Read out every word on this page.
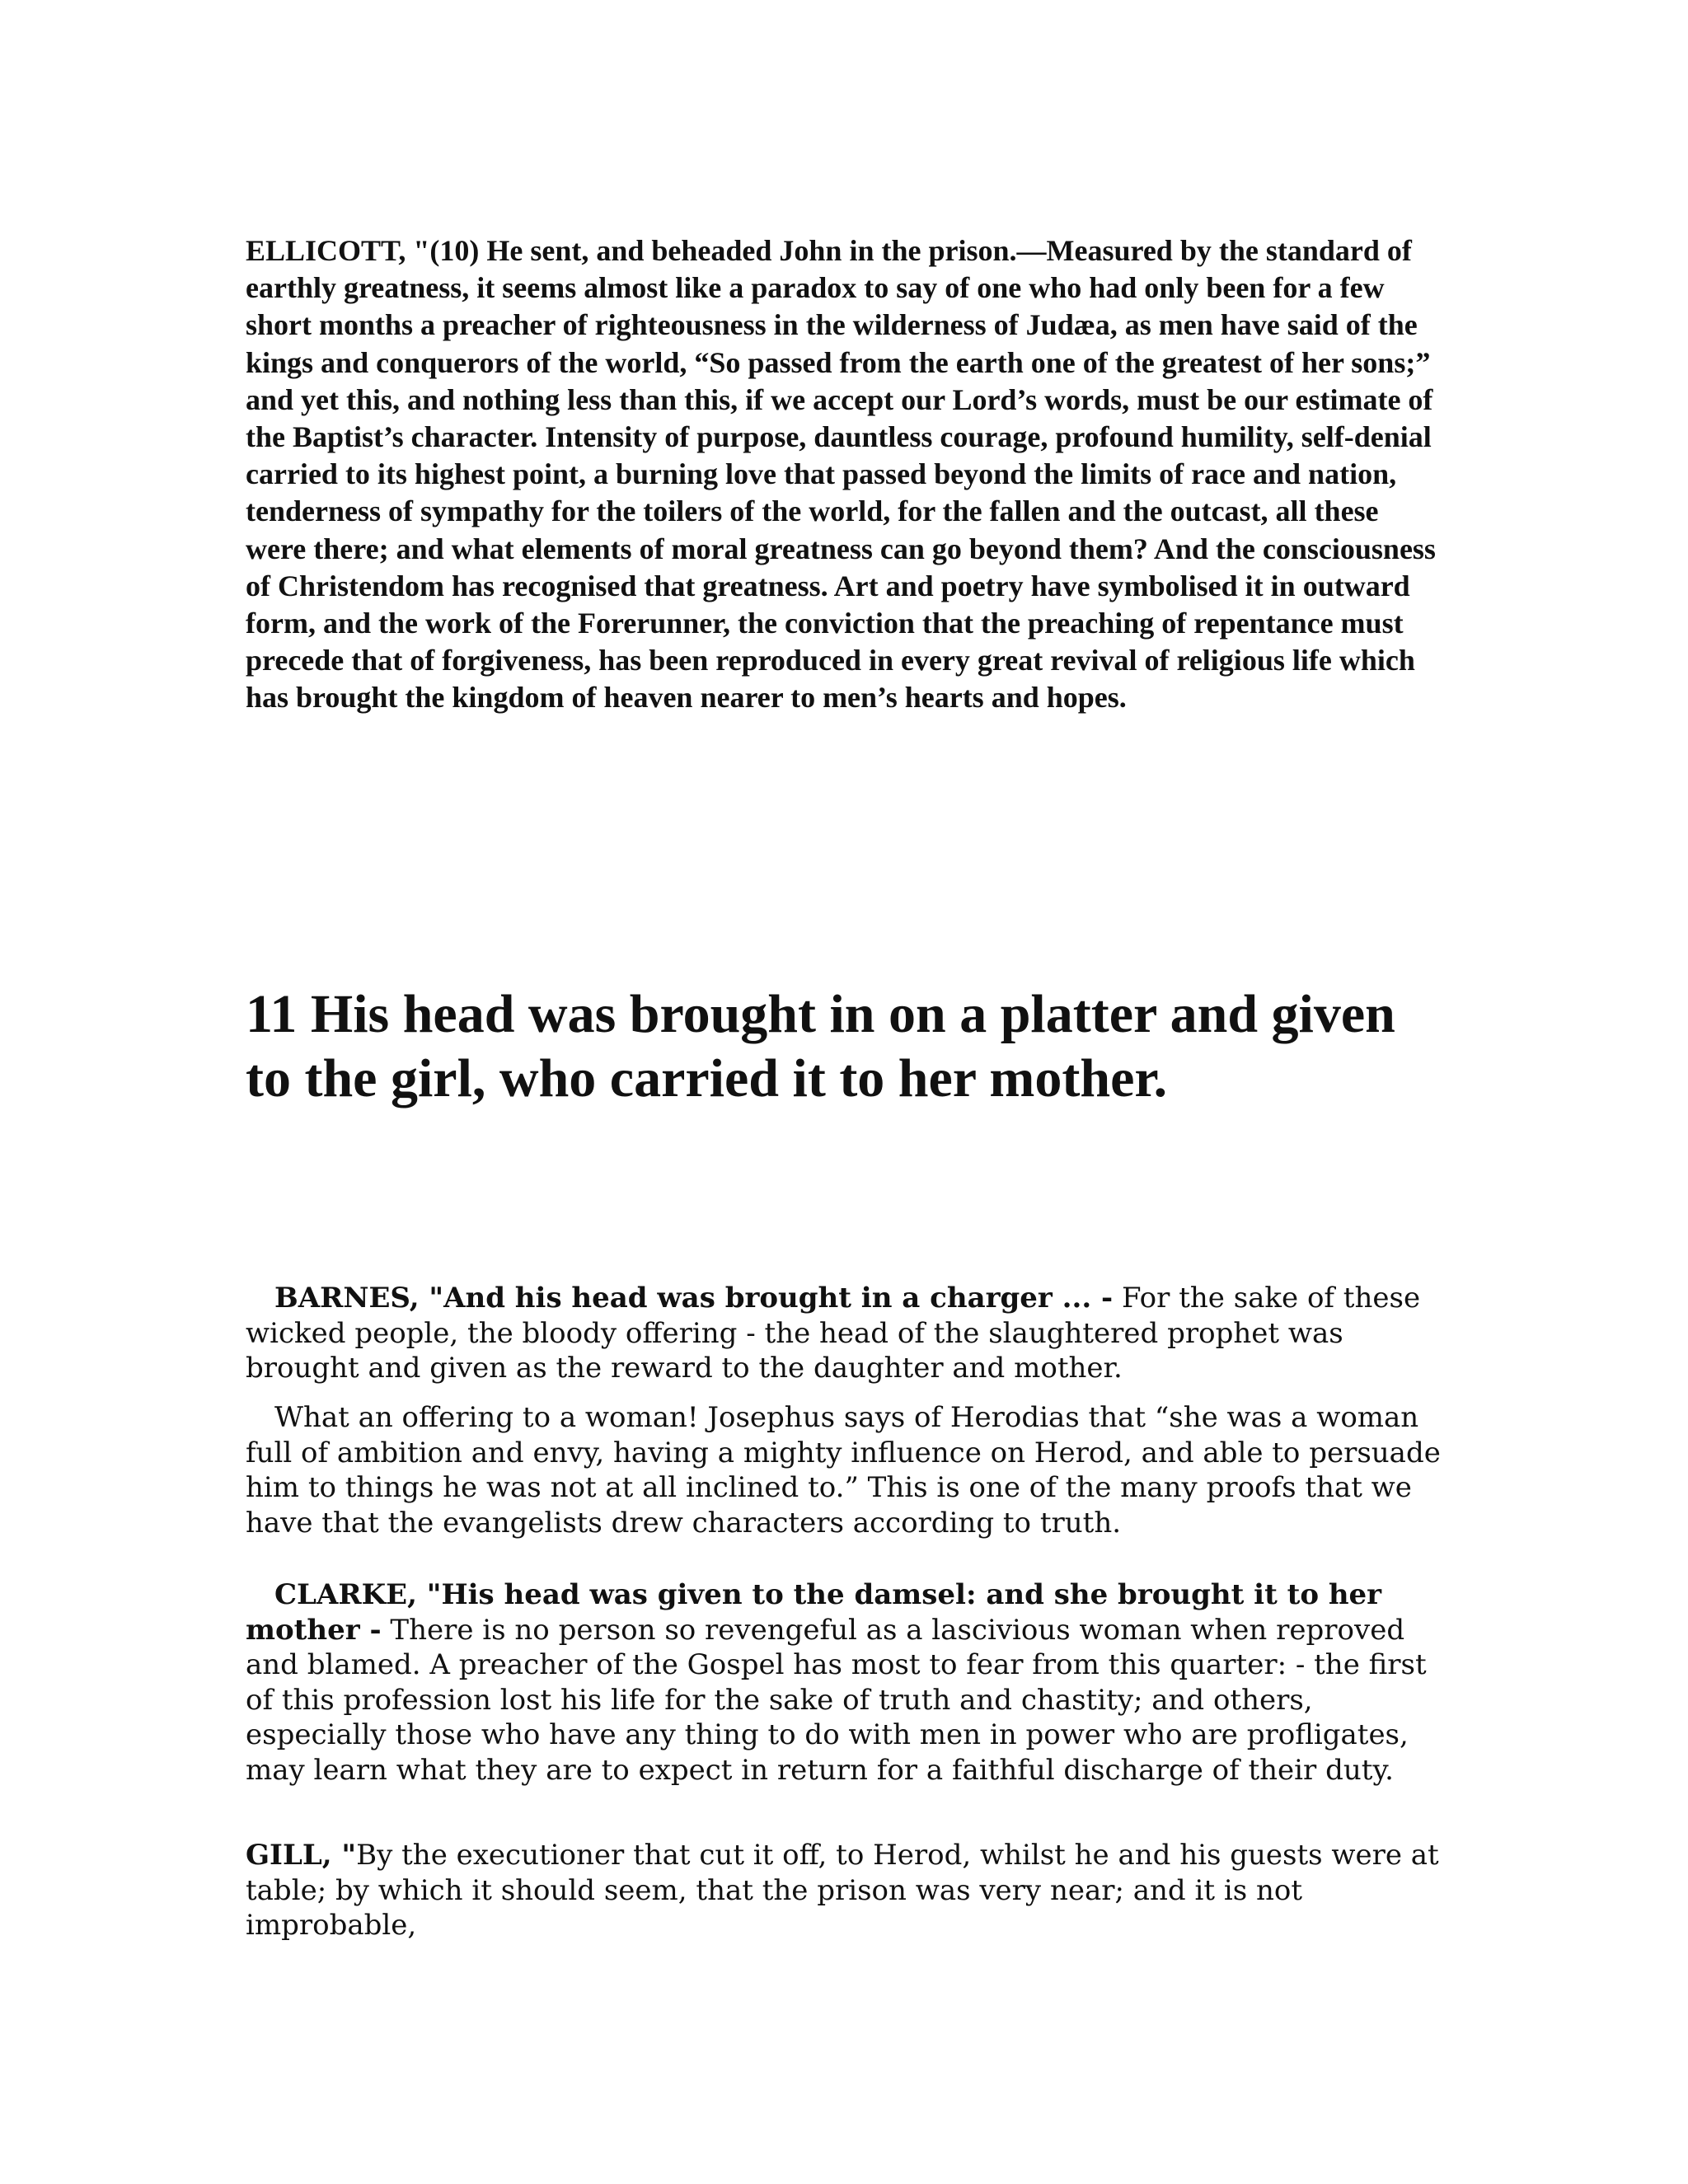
ELLICOTT, "(10) He sent, and beheaded John in the prison.—Measured by the standard of earthly greatness, it seems almost like a paradox to say of one who had only been for a few short months a preacher of righteousness in the wilderness of Judæa, as men have said of the kings and conquerors of the world, “So passed from the earth one of the greatest of her sons;” and yet this, and nothing less than this, if we accept our Lord’s words, must be our estimate of the Baptist’s character. Intensity of purpose, dauntless courage, profound humility, self-denial carried to its highest point, a burning love that passed beyond the limits of race and nation, tenderness of sympathy for the toilers of the world, for the fallen and the outcast, all these were there; and what elements of moral greatness can go beyond them? And the consciousness of Christendom has recognised that greatness. Art and poetry have symbolised it in outward form, and the work of the Forerunner, the conviction that the preaching of repentance must precede that of forgiveness, has been reproduced in every great revival of religious life which has brought the kingdom of heaven nearer to men’s hearts and hopes.

11 His head was brought in on a platter and given to the girl, who carried it to her mother.

BARNES, "And his head was brought in a charger ... - For the sake of these wicked people, the bloody offering - the head of the slaughtered prophet was brought and given as the reward to the daughter and mother.

What an offering to a woman! Josephus says of Herodias that “she was a woman full of ambition and envy, having a mighty influence on Herod, and able to persuade him to things he was not at all inclined to.” This is one of the many proofs that we have that the evangelists drew characters according to truth.

CLARKE, "His head was given to the damsel: and she brought it to her mother - There is no person so revengeful as a lascivious woman when reproved and blamed. A preacher of the Gospel has most to fear from this quarter: - the first of this profession lost his life for the sake of truth and chastity; and others, especially those who have any thing to do with men in power who are profligates, may learn what they are to expect in return for a faithful discharge of their duty.

GILL, "By the executioner that cut it off, to Herod, whilst he and his guests were at table; by which it should seem, that the prison was very near; and it is not improbable,
